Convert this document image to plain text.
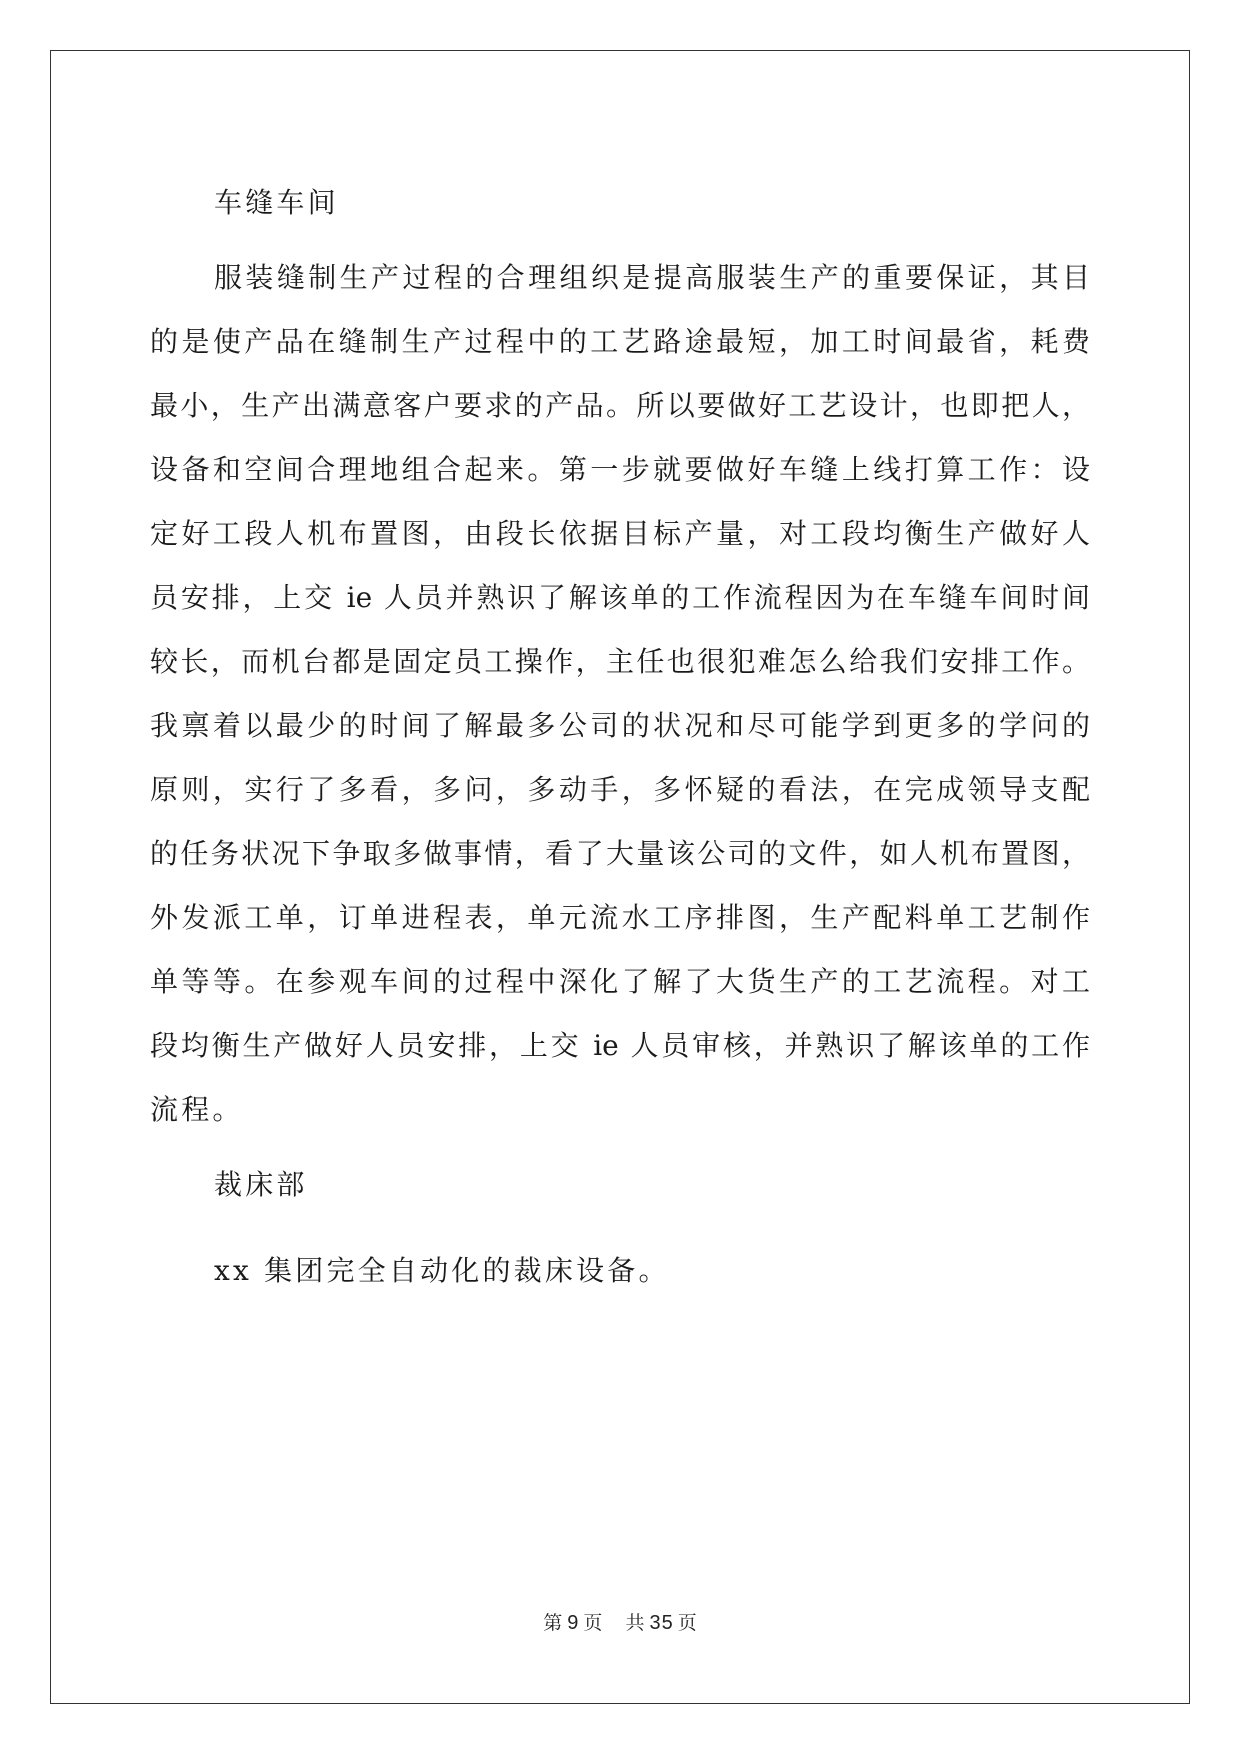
车缝车间
服装缝制生产过程的合理组织是提高服装生产的重要保证，其目
的是使产品在缝制生产过程中的工艺路途最短，加工时间最省，耗费
最小，生产出满意客户要求的产品。所以要做好工艺设计，也即把人，
设备和空间合理地组合起来。第一步就要做好车缝上线打算工作：设
定好工段人机布置图，由段长依据目标产量，对工段均衡生产做好人
员安排，上交 ie 人员并熟识了解该单的工作流程因为在车缝车间时间
较长，而机台都是固定员工操作，主任也很犯难怎么给我们安排工作。
我禀着以最少的时间了解最多公司的状况和尽可能学到更多的学问的
原则，实行了多看，多问，多动手，多怀疑的看法，在完成领导支配
的任务状况下争取多做事情，看了大量该公司的文件，如人机布置图，
外发派工单，订单进程表，单元流水工序排图，生产配料单工艺制作
单等等。在参观车间的过程中深化了解了大货生产的工艺流程。对工
段均衡生产做好人员安排，上交 ie 人员审核，并熟识了解该单的工作
流程。
裁床部
xx 集团完全自动化的裁床设备。
第 9 页 共 35 页
